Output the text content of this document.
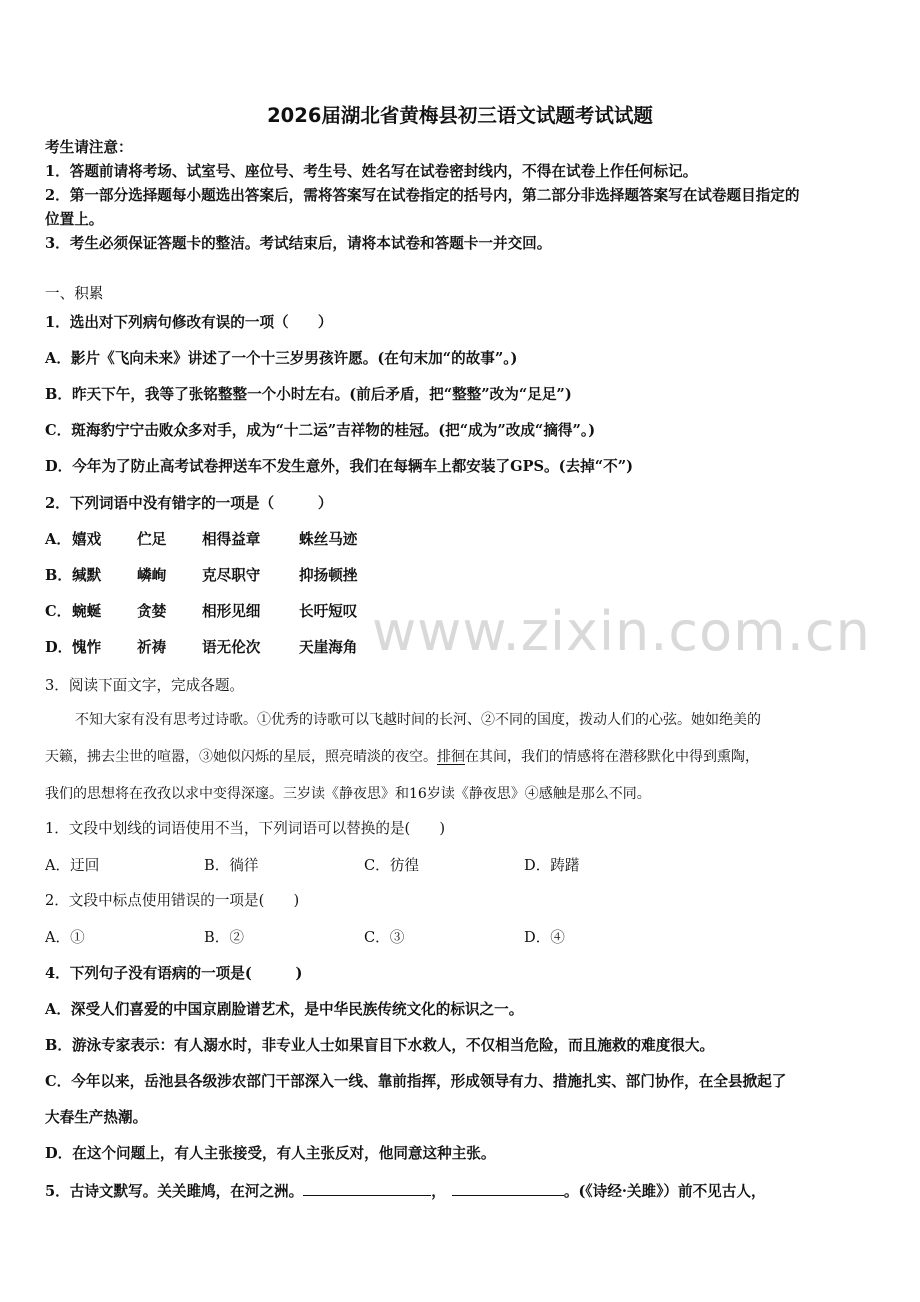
2026届湖北省黄梅县初三语文试题考试试题
考生请注意：
1．答题前请将考场、试室号、座位号、考生号、姓名写在试卷密封线内，不得在试卷上作任何标记。
2．第一部分选择题每小题选出答案后，需将答案写在试卷指定的括号内，第二部分非选择题答案写在试卷题目指定的
位置上。
3．考生必须保证答题卡的整洁。考试结束后，请将本试卷和答题卡一并交回。
一、积累
1．选出对下列病句修改有误的一项（　　）
A．影片《飞向未来》讲述了一个十三岁男孩许愿。(在句末加“的故事”。)
B．昨天下午，我等了张铭整整一个小时左右。(前后矛盾，把“整整”改为“足足”)
C．斑海豹宁宁击败众多对手，成为“十二运”吉祥物的桂冠。(把“成为”改成“摘得”。)
D．今年为了防止高考试卷押送车不发生意外，我们在每辆车上都安装了GPS。(去掉“不”)
2．下列词语中没有错字的一项是（　　　）
A． 嬉戏 伫足 相得益章	蛛丝马迹
B． 缄默 嶙峋 克尽职守	抑扬顿挫
C． 蜿蜒 贪婪 相形见细	长吁短叹
D． 愧怍 祈祷 语无伦次	天崖海角 www.zixin.com.cn
3．阅读下面文字，完成各题。
不知大家有没有思考过诗歌。①优秀的诗歌可以飞越时间的长河、②不同的国度，拨动人们的心弦。她如绝美的
天籁，拂去尘世的喧嚣，③她似闪烁的星辰，照亮晴淡的夜空。排徊在其间，我们的情感将在潜移默化中得到熏陶，
我们的思想将在孜孜以求中变得深邃。三岁读《静夜思》和16岁读《静夜思》④感触是那么不同。
1．文段中划线的词语使用不当，下列词语可以替换的是(　　)
A．迂回	B．徜徉	C．彷徨	D．踌躇
2．文段中标点使用错误的一项是(　　)
A．①	B．②	C．③	D．④
4．下列句子没有语病的一项是(　　　)
A．深受人们喜爱的中国京剧脸谱艺术，是中华民族传统文化的标识之一。
B．游泳专家表示：有人溺水时，非专业人士如果盲目下水救人，不仅相当危险，而且施救的难度很大。
C．今年以来，岳池县各级涉农部门干部深入一线、靠前指挥，形成领导有力、措施扎实、部门协作，在全县掀起了
大春生产热潮。
D．在这个问题上，有人主张接受，有人主张反对，他同意这种主张。
5．古诗文默写。关关雎鸠，在河之洲。	，	。(《诗经·关雎》）前不见古人，
